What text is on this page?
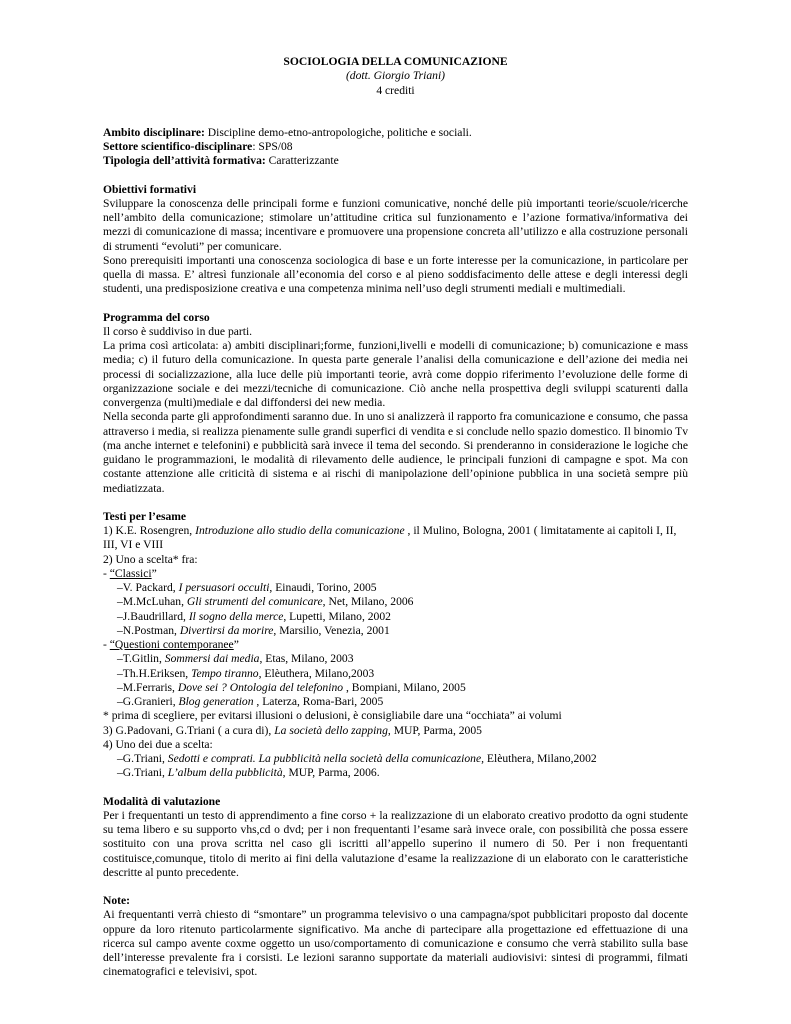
SOCIOLOGIA DELLA COMUNICAZIONE
(dott. Giorgio Triani)
4 crediti
Ambito disciplinare: Discipline demo-etno-antropologiche, politiche e sociali.
Settore scientifico-disciplinare: SPS/08
Tipologia dell’attività formativa: Caratterizzante
Obiettivi formativi
Sviluppare la conoscenza delle principali forme e funzioni comunicative, nonché delle più importanti teorie/scuole/ricerche nell’ambito della comunicazione; stimolare un’attitudine critica sul funzionamento e l’azione formativa/informativa dei mezzi di comunicazione di massa; incentivare e promuovere una propensione concreta all’utilizzo e alla costruzione personali di strumenti “evoluti” per comunicare.
Sono prerequisiti importanti una conoscenza sociologica di base e un forte interesse per la comunicazione, in particolare per quella di massa. E’ altresì funzionale all’economia del corso e al pieno soddisfacimento delle attese e degli interessi degli studenti, una predisposizione creativa e una competenza minima nell’uso degli strumenti mediali e multimediali.
Programma del corso
Il corso è suddiviso in due parti.
La prima così articolata: a) ambiti disciplinari;forme, funzioni,livelli e modelli di comunicazione; b) comunicazione e mass media; c) il futuro della comunicazione. In questa parte generale l’analisi della comunicazione e dell’azione dei media nei processi di socializzazione, alla luce delle più importanti teorie, avrà come doppio riferimento l’evoluzione delle forme di organizzazione sociale e dei mezzi/tecniche di comunicazione. Ciò anche nella prospettiva degli sviluppi scaturenti dalla convergenza (multi)mediale e dal diffondersi dei new media.
Nella seconda parte gli approfondimenti saranno due. In uno si analizzerà il rapporto fra comunicazione e consumo, che passa attraverso i media, si realizza pienamente sulle grandi superfici di vendita e si conclude nello spazio domestico. Il binomio Tv (ma anche internet e telefonini) e pubblicità sarà invece il tema del secondo. Si prenderanno in considerazione le logiche che guidano le programmazioni, le modalità di rilevamento delle audience, le principali funzioni di campagne e spot. Ma con costante attenzione alle criticità di sistema e ai rischi di manipolazione dell’opinione pubblica in una società sempre più mediatizzata.
Testi per l’esame
1) K.E. Rosengren, Introduzione allo studio della comunicazione , il Mulino, Bologna, 2001 ( limitatamente ai capitoli I, II, III, VI e VIII
2) Uno a scelta* fra:
- “Classici”
–V. Packard, I persuasori occulti, Einaudi, Torino, 2005
–M.McLuhan, Gli strumenti del comunicare, Net, Milano, 2006
–J.Baudrillard, Il sogno della merce, Lupetti, Milano, 2002
–N.Postman, Divertirsi da morire, Marsilio, Venezia, 2001
- “Questioni contemporanee”
–T.Gitlin, Sommersi dai media, Etas, Milano, 2003
–Th.H.Eriksen, Tempo tiranno, Elèuthera, Milano,2003
–M.Ferraris, Dove sei ? Ontologia del telefonino , Bompiani, Milano, 2005
–G.Granieri, Blog generation , Laterza, Roma-Bari, 2005
* prima di scegliere, per evitarsi illusioni o delusioni, è consigliabile dare una “occhiata” ai volumi
3) G.Padovani, G.Triani ( a cura di), La società dello zapping, MUP, Parma, 2005
4) Uno dei due a scelta:
–G.Triani, Sedotti e comprati. La pubblicità nella società della comunicazione, Elèuthera, Milano,2002
–G.Triani, L’album della pubblicità, MUP, Parma, 2006.
Modalità di valutazione
Per i frequentanti un testo di apprendimento a fine corso + la realizzazione di un elaborato creativo prodotto da ogni studente su tema libero e su supporto vhs,cd o dvd; per i non frequentanti l’esame sarà invece orale, con possibilità che possa essere sostituito con una prova scritta nel caso gli iscritti all’appello superino il numero di 50. Per i non frequentanti costituisce,comunque, titolo di merito ai fini della valutazione d’esame la realizzazione di un elaborato con le caratteristiche descritte al punto precedente.
Note:
Ai frequentanti verrà chiesto di “smontare” un programma televisivo o una campagna/spot pubblicitari proposto dal docente oppure da loro ritenuto particolarmente significativo. Ma anche di partecipare alla progettazione ed effettuazione di una ricerca sul campo avente coxme oggetto un uso/comportamento di comunicazione e consumo che verrà stabilito sulla base dell’interesse prevalente fra i corsisti. Le lezioni saranno supportate da materiali audiovisivi: sintesi di programmi, filmati cinematografici e televisivi, spot.
